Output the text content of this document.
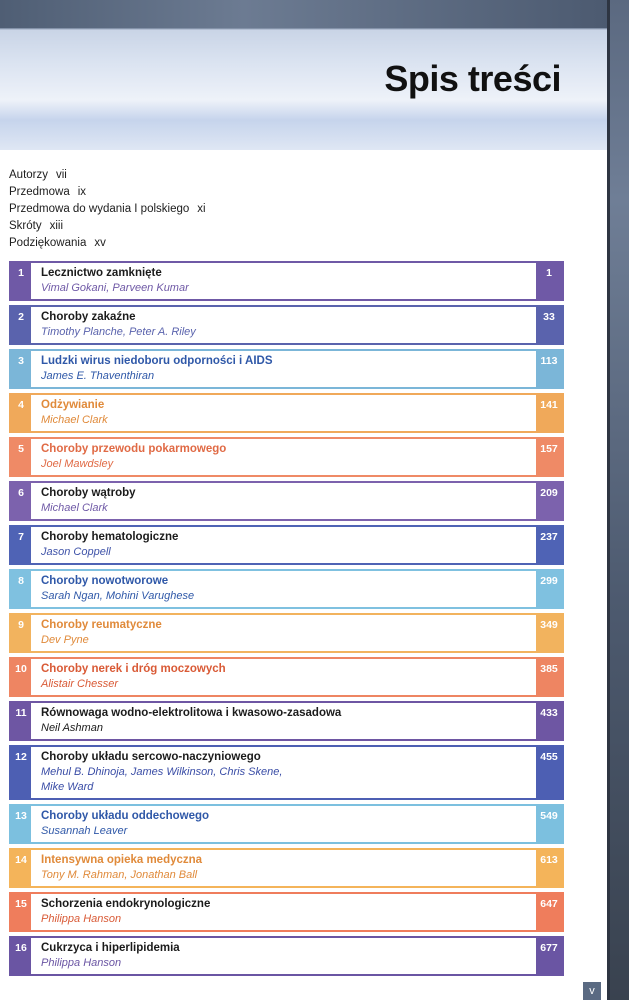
Spis treści
Autorzy vii
Przedmowa ix
Przedmowa do wydania I polskiego xi
Skróty xiii
Podziękowania xv
1	Lecznictwo zamknięte
Vimal Gokani, Parveen Kumar
1
2	Choroby zakaźne
Timothy Planche, Peter A. Riley
33
3	Ludzki wirus niedoboru odporności i AIDS
James E. Thaventhiran
113
4	Odżywianie
Michael Clark
141
5	Choroby przewodu pokarmowego
Joel Mawdsley
157
6	Choroby wątroby
Michael Clark
209
7	Choroby hematologiczne
Jason Coppell
237
8	Choroby nowotworowe
Sarah Ngan, Mohini Varughese
299
9	Choroby reumatyczne
Dev Pyne
349
10	Choroby nerek i dróg moczowych
Alistair Chesser
385
11	Równowaga wodno-elektrolitowa i kwasowo-zasadowa
Neil Ashman
433
12	Choroby układu sercowo-naczyniowego
Mehul B. Dhinoja, James Wilkinson, Chris Skene,
Mike Ward
455
13	Choroby układu oddechowego
Susannah Leaver
549
14	Intensywna opieka medyczna
Tony M. Rahman, Jonathan Ball
613
15	Schorzenia endokrynologiczne
Philippa Hanson
647
16	Cukrzyca i hiperlipidemia
Philippa Hanson
677
v
